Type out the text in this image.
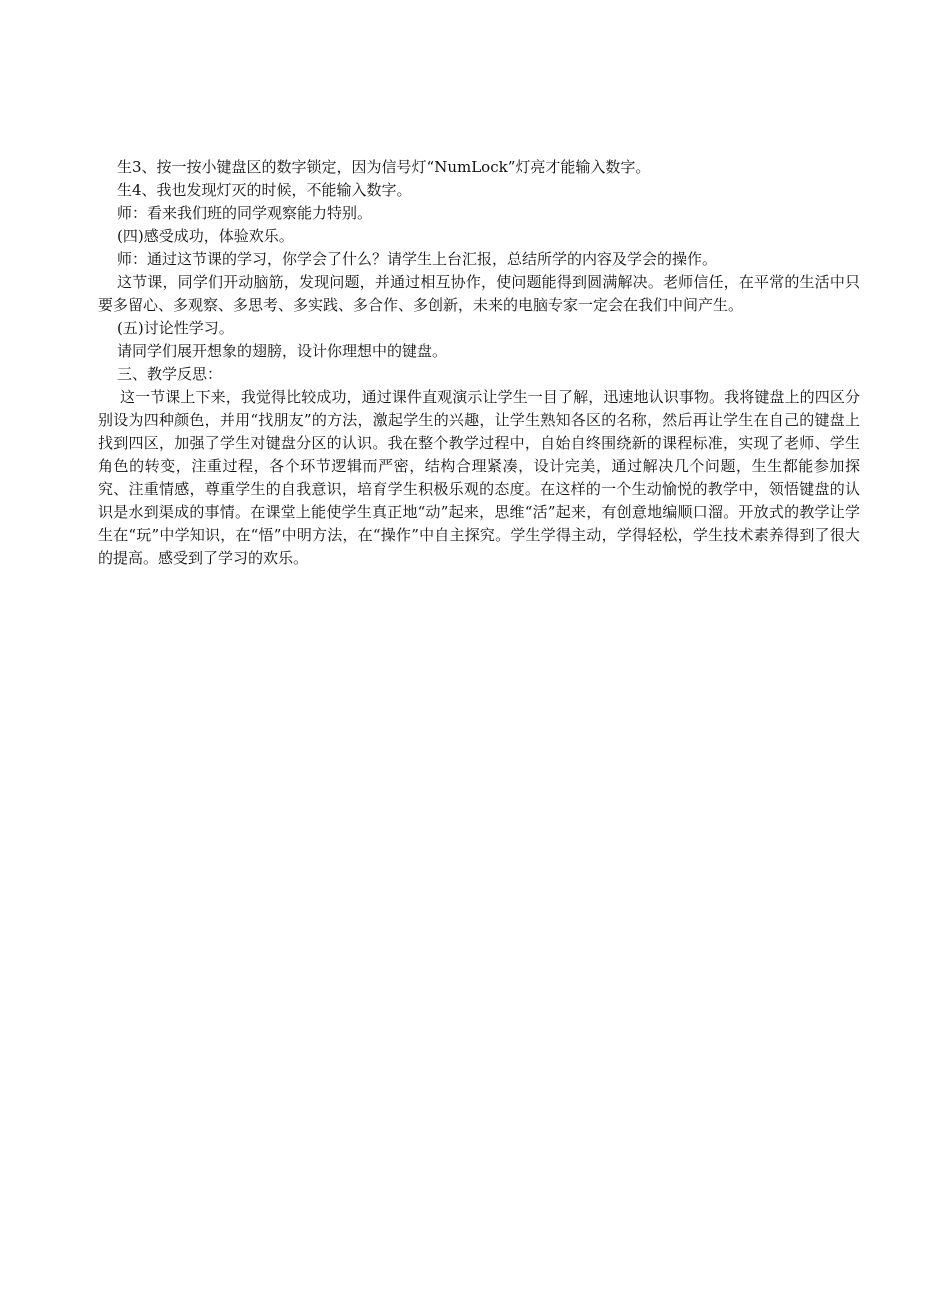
生3、按一按小键盘区的数字锁定，因为信号灯“NumLock”灯亮才能输入数字。

生4、我也发现灯灭的时候，不能输入数字。

师：看来我们班的同学观察能力特别。

(四)感受成功，体验欢乐。

师：通过这节课的学习，你学会了什么？请学生上台汇报，总结所学的内容及学会的操作。

这节课，同学们开动脑筋，发现问题，并通过相互协作，使问题能得到圆满解决。老师信任，在平常的生活中只要多留心、多观察、多思考、多实践、多合作、多创新，未来的电脑专家一定会在我们中间产生。

(五)讨论性学习。

请同学们展开想象的翅膀，设计你理想中的键盘。

三、教学反思：

这一节课上下来，我觉得比较成功，通过课件直观演示让学生一目了解，迅速地认识事物。我将键盘上的四区分别设为四种颜色，并用“找朋友”的方法，激起学生的兴趣，让学生熟知各区的名称，然后再让学生在自己的键盘上找到四区，加强了学生对键盘分区的认识。我在整个教学过程中，自始自终围绕新的课程标准，实现了老师、学生角色的转变，注重过程，各个环节逻辑而严密，结构合理紧凑，设计完美，通过解决几个问题，生生都能参加探究、注重情感，尊重学生的自我意识，培育学生积极乐观的态度。在这样的一个生动愉悦的教学中，领悟键盘的认识是水到渠成的事情。在课堂上能使学生真正地“动”起来，思维“活”起来，有创意地编顺口溜。开放式的教学让学生在“玩”中学知识，在“悟”中明方法，在“操作”中自主探究。学生学得主动，学得轻松，学生技术素养得到了很大的提高。感受到了学习的欢乐。
